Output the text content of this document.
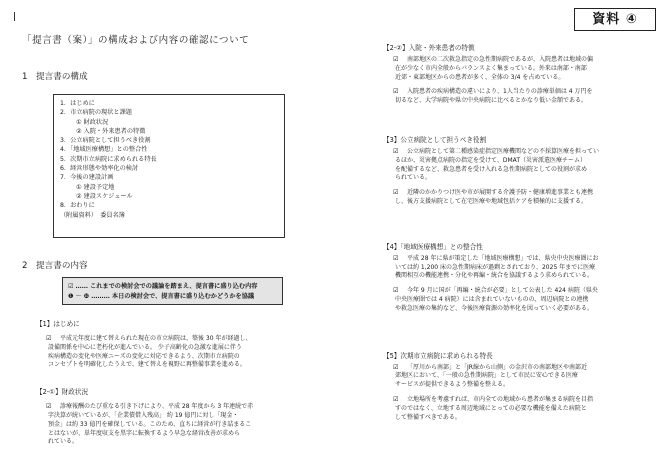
資料 ④
「提言書（案）」の構成および内容の確認について
1　提言書の構成
1．はじめに
2．市立病院の現状と課題
① 財政状況
② 入院・外来患者の特徴
3．公立病院として担うべき役割
4．「地域医療構想」との整合性
5．次期市立病院に求められる特長
6．経営形態や効率化の検討
7．今後の建設計画
① 建設予定地
② 建設スケジュール
8．おわりに
（附属資料）　委員名簿
2　提言書の内容
☑ …… これまでの検討会での議論を踏まえ、提言書に盛り込む内容
❶ 〜 ❿ ……… 本日の検討会で、提言書に盛り込むかどうかを協議
【1】はじめに
☑	平成元年度に建て替えられた現在の市立病院は、築後 30 年が経過し、
設備関係を中心に老朽化が進んでいる。 少子高齢化の急激な進展に伴う
疾病構造の変化や医療ニーズの変化に対応できるよう、次期市立病院の
コンセプトを明確化したうえで、建て替えを視野に再整備事業を進める。
【2-①】財政状況
☑	診療報酬のたび重なる引き下げにより、平成 28 年度から 3 年連続で赤
字決算が続いているが、「企業債借入残高」 約 19 億円に対し「現金・
預金」は約 33 億円を確保している。このため、直ちに経営が行き詰まるこ
とはないが、単年度収支を黒字に転換するよう早急な経営改善が求めら
れている。
【2-②】入院・外来患者の特徴
☑	南部地区の二次救急指定の急性期病院であるが、入院患者は地域の偏
在が少なく市内全般からバランスよく集まっている。外来は南部・南部
近郊・東部地区からの患者が多く、全体の 3/4 を占めている。
☑	入院患者の疾病構造の違いにより、1人当たりの診療単価は 4 万円を
切るなど、大学病院や県立中央病院に比べるとかなり低い金額である。
【3】公立病院として担うべき役割
☑	公立病院として第二種感染症指定医療機関などの不採算医療を担ってい
るほか、災害拠点病院の指定を受けて、DMAT（災害派遣医療チーム）
を配備するなど、救急患者を受け入れる急性期病院としての役割が求め
られている。
☑	近隣のかかりつけ医や市が展開する介護予防・健康増進事業とも連携
し、後方支援病院として在宅医療や地域包括ケアを積極的に支援する。
【4】「地域医療構想」との整合性
☑	平成 28 年に県が策定した「地域医療構想」では、県央中央医療圏にお
いては約 1,200 床の急性期病床が過剰とされており、2025 年までに医療
機関相互の機能連携・分化や再編・統合を協議するよう求められている。
☑	今年 9 月に国が「再編・統合が必要」として公表した 424 病院（県央
中央医療圏では 4 病院）には含まれていないものの、周辺病院との連携
や救急医療の集約など、今後医療資源の効率化を図っていく必要がある。
【5】次期市立病院に求められる特長
☑	「厚川から南部」と「JR線から山側」の金沢市の南部地区や南部近
郊地区において、「一般の急性期病院」として市民に安心できる医療
サービスが提供できるよう整備を整える。
☑	立地場所を考慮すれば、市内全ての地域から患者が集まる病院を目指
すのではなく、立地する周辺地域にとっての必要な機能を備えた病院と
して整備すべきである。
